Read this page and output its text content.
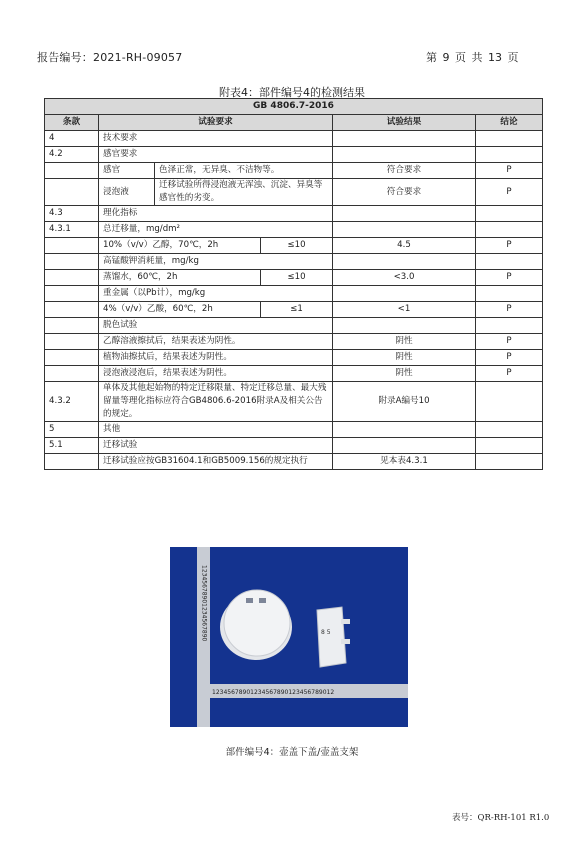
报告编号：2021-RH-09057	第 9 页 共 13 页
附表4：部件编号4的检测结果
GB 4806.7-2016					
条款	试验要求			试验结果	结论
4	技术要求				
4.2	感官要求				
	感官	色泽正常，无异臭、不洁物等。		符合要求	P
	浸泡液	迁移试验所得浸泡液无浑浊、沉淀、异臭等感官性的劣变。		符合要求	P
4.3	理化指标				
4.3.1	总迁移量，mg/dm²				
	10%（v/v）乙醇，70℃，2h		≤10	4.5	P
	高锰酸钾消耗量，mg/kg				
	蒸馏水，60℃，2h		≤10	<3.0	P
	重金属（以Pb计），mg/kg				
	4%（v/v）乙酸，60℃，2h		≤1	<1	P
	脱色试验				
	乙醇溶液擦拭后，结果表述为阴性。			阴性	P
	植物油擦拭后，结果表述为阴性。			阴性	P
	浸泡液浸泡后，结果表述为阴性。			阴性	P
4.3.2	单体及其他起始物的特定迁移限量、特定迁移总量、最大残留量等理化指标应符合GB4806.6-2016附录A及相关公告的规定。			附录A编号10	
5	其他				
5.1	迁移试验				
	迁移试验应按GB31604.1和GB5009.156的规定执行			见本表4.3.1	
12345678901234567890
12345678901234567890123456789012
8 5
部件编号4：壶盖下盖/壶盖支架
表号：QR-RH-101 R1.0
